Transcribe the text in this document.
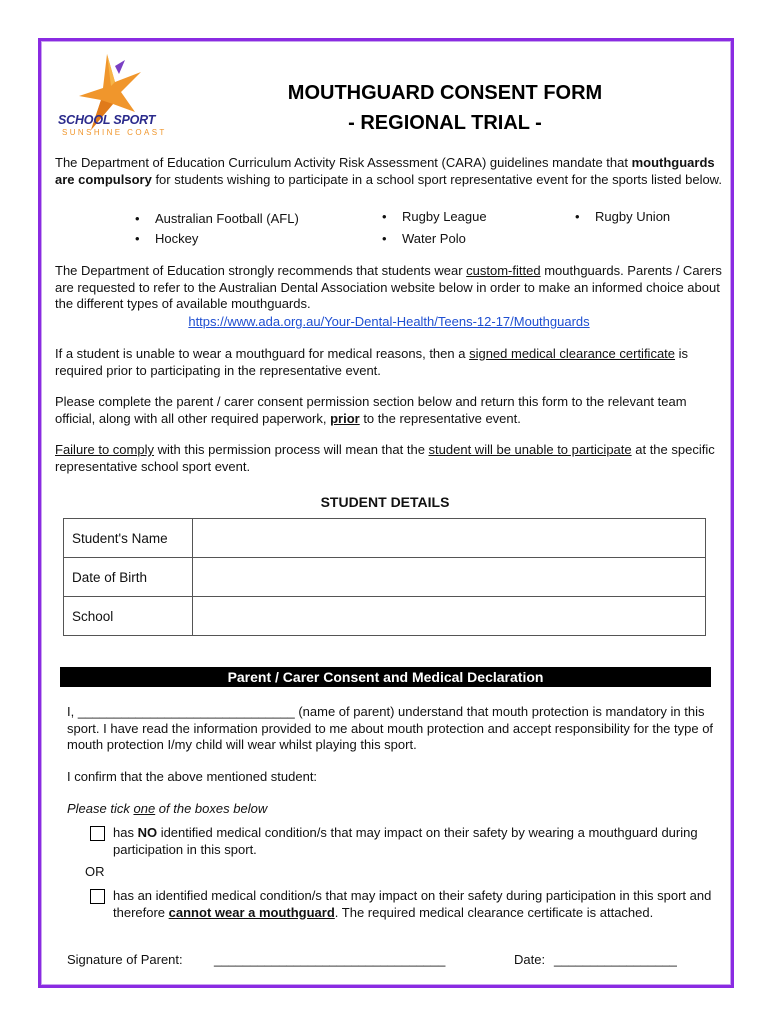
SCHOOL SPORT
SUNSHINE COAST
MOUTHGUARD CONSENT FORM
- REGIONAL TRIAL -
The Department of Education Curriculum Activity Risk Assessment (CARA) guidelines mandate that mouthguards are compulsory for students wishing to participate in a school sport representative event for the sports listed below.
• Australian Football (AFL)
• Hockey
• Rugby League
• Water Polo
• Rugby Union
The Department of Education strongly recommends that students wear custom-fitted mouthguards. Parents / Carers are requested to refer to the Australian Dental Association website below in order to make an informed choice about the different types of available mouthguards.
https://www.ada.org.au/Your-Dental-Health/Teens-12-17/Mouthguards
If a student is unable to wear a mouthguard for medical reasons, then a signed medical clearance certificate is required prior to participating in the representative event.
Please complete the parent / carer consent permission section below and return this form to the relevant team official, along with all other required paperwork, prior to the representative event.
Failure to comply with this permission process will mean that the student will be unable to participate at the specific representative school sport event.
STUDENT DETAILS
Student's Name	
Date of Birth	
School	
Parent / Carer Consent and Medical Declaration
I, ______________________________ (name of parent) understand that mouth protection is mandatory in this sport. I have read the information provided to me about mouth protection and accept responsibility for the type of mouth protection I/my child will wear whilst playing this sport.
I confirm that the above mentioned student:
Please tick one of the boxes below
has NO identified medical condition/s that may impact on their safety by wearing a mouthguard during participation in this sport.
OR
has an identified medical condition/s that may impact on their safety during participation in this sport and therefore cannot wear a mouthguard. The required medical clearance certificate is attached.
Signature of Parent:	________________________________	Date: _________________
